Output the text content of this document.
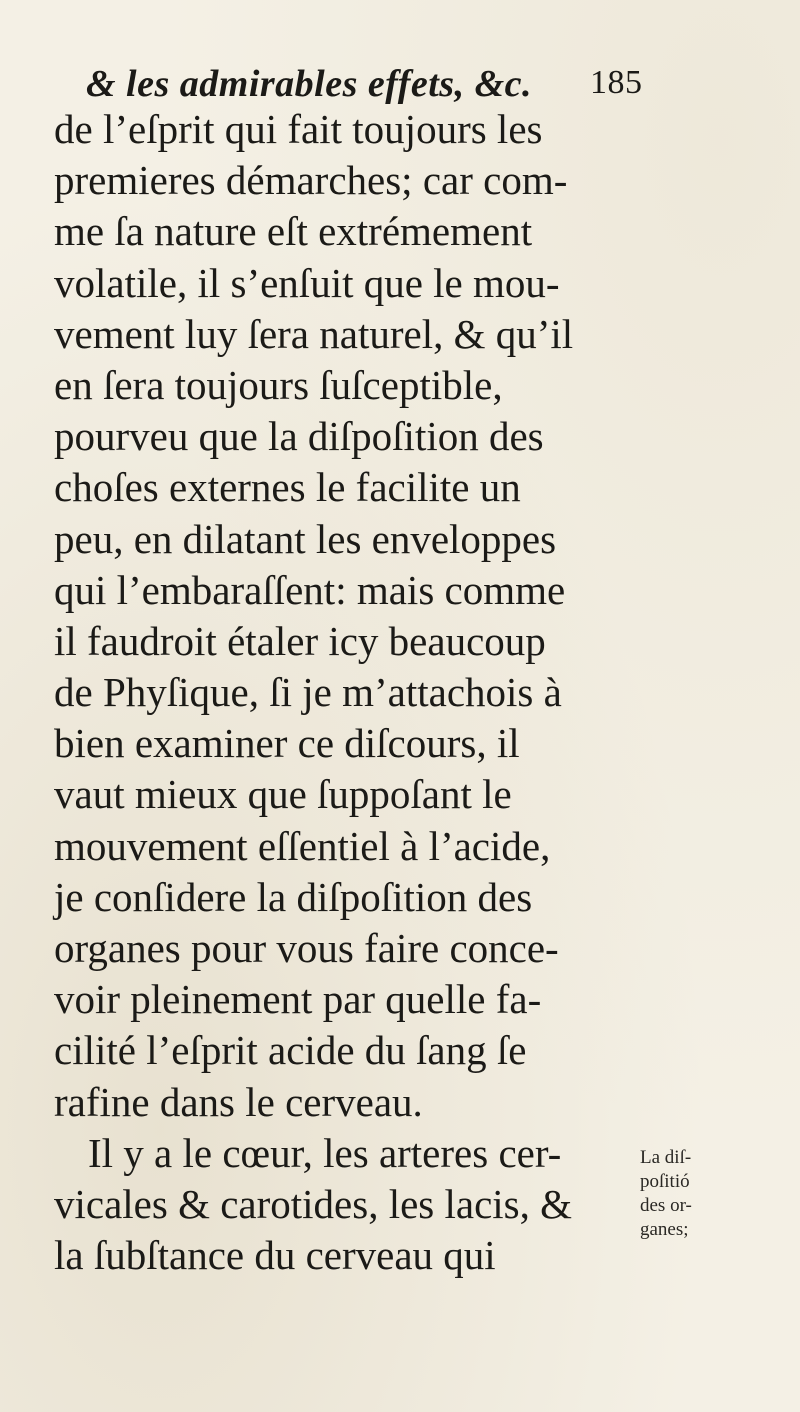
& les admirables effets, &c. 185
de l’eſprit qui fait toujours les
premieres démarches; car com-
me ſa nature eſt extrémement
volatile, il s’enſuit que le mou-
vement luy ſera naturel, & qu’il
en ſera toujours ſuſceptible,
pourveu que la diſpoſition des
choſes externes le facilite un
peu, en dilatant les enveloppes
qui l’embaraſſent: mais comme
il faudroit étaler icy beaucoup
de Phyſique, ſi je m’attachois à
bien examiner ce diſcours, il
vaut mieux que ſuppoſant le
mouvement eſſentiel à l’acide,
je conſidere la diſpoſition des
organes pour vous faire conce-
voir pleinement par quelle fa-
cilité l’eſprit acide du ſang ſe
rafine dans le cerveau.
Il y a le cœur, les arteres cer-
vicales & carotides, les lacis, &
la ſubſtance du cerveau qui
La diſ-
poſitió
des or-
ganes;
